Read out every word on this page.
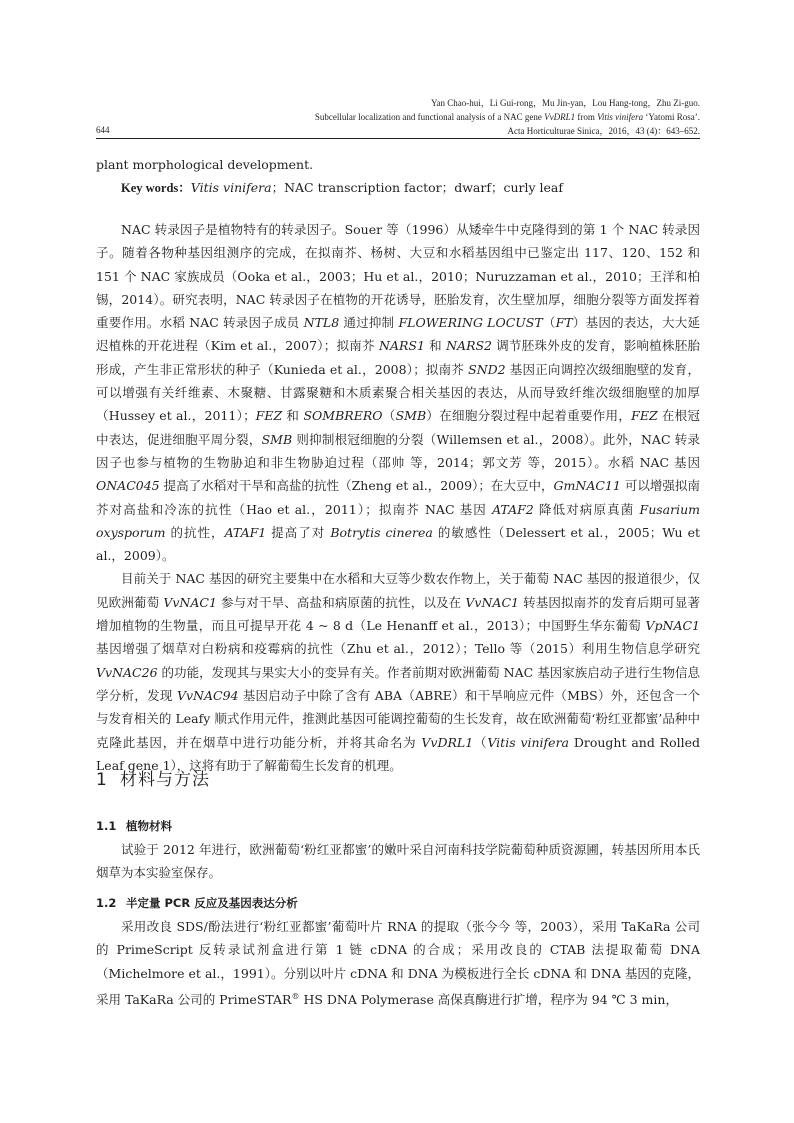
Yan Chao-hui，Li Gui-rong，Mu Jin-yan，Lou Hang-tong，Zhu Zi-guo.
Subcellular localization and functional analysis of a NAC gene VvDRL1 from Vitis vinifera ‘Yatomi Rosa’.
Acta Horticulturae Sinica，2016，43 (4)：643–652.
644

plant morphological development.

Key words：Vitis vinifera；NAC transcription factor；dwarf；curly leaf

NAC 转录因子是植物特有的转录因子。Souer 等（1996）从矮牵牛中克隆得到的第 1 个 NAC 转录因子。随着各物种基因组测序的完成，在拟南芥、杨树、大豆和水稻基因组中已鉴定出 117、120、152 和 151 个 NAC 家族成员（Ooka et al.，2003；Hu et al.，2010；Nuruzzaman et al.，2010；王洋和柏锡，2014）。研究表明，NAC 转录因子在植物的开花诱导，胚胎发育，次生壁加厚，细胞分裂等方面发挥着重要作用。水稻 NAC 转录因子成员 NTL8 通过抑制 FLOWERING LOCUST（FT）基因的表达，大大延迟植株的开花进程（Kim et al.，2007）；拟南芥 NARS1 和 NARS2 调节胚珠外皮的发育，影响植株胚胎形成，产生非正常形状的种子（Kunieda et al.，2008）；拟南芥 SND2 基因正向调控次级细胞壁的发育，可以增强有关纤维素、木聚糖、甘露聚糖和木质素聚合相关基因的表达，从而导致纤维次级细胞壁的加厚（Hussey et al.，2011）；FEZ 和 SOMBRERO（SMB）在细胞分裂过程中起着重要作用，FEZ 在根冠中表达，促进细胞平周分裂，SMB 则抑制根冠细胞的分裂（Willemsen et al.，2008）。此外，NAC 转录因子也参与植物的生物胁迫和非生物胁迫过程（邵帅 等，2014；郭文芳 等，2015）。水稻 NAC 基因 ONAC045 提高了水稻对干旱和高盐的抗性（Zheng et al.，2009）；在大豆中，GmNAC11 可以增强拟南芥对高盐和冷冻的抗性（Hao et al.，2011）；拟南芥 NAC 基因 ATAF2 降低对病原真菌 Fusarium oxysporum 的抗性，ATAF1 提高了对 Botrytis cinerea 的敏感性（Delessert et al.，2005；Wu et al.，2009）。

目前关于 NAC 基因的研究主要集中在水稻和大豆等少数农作物上，关于葡萄 NAC 基因的报道很少，仅见欧洲葡萄 VvNAC1 参与对干旱、高盐和病原菌的抗性，以及在 VvNAC1 转基因拟南芥的发育后期可显著增加植物的生物量，而且可提早开花 4 ~ 8 d（Le Henanff et al.，2013）；中国野生华东葡萄 VpNAC1 基因增强了烟草对白粉病和疫霉病的抗性（Zhu et al.，2012）；Tello 等（2015）利用生物信息学研究 VvNAC26 的功能，发现其与果实大小的变异有关。作者前期对欧洲葡萄 NAC 基因家族启动子进行生物信息学分析，发现 VvNAC94 基因启动子中除了含有 ABA（ABRE）和干旱响应元件（MBS）外，还包含一个与发育相关的 Leafy 顺式作用元件，推测此基因可能调控葡萄的生长发育，故在欧洲葡萄‘粉红亚都蜜’品种中克隆此基因，并在烟草中进行功能分析，并将其命名为 VvDRL1（Vitis vinifera Drought and Rolled Leaf gene 1），这将有助于了解葡萄生长发育的机理。

1 材料与方法
1.1 植物材料

试验于 2012 年进行，欧洲葡萄‘粉红亚都蜜’的嫩叶采自河南科技学院葡萄种质资源圃，转基因所用本氏烟草为本实验室保存。

1.2 半定量 PCR 反应及基因表达分析

采用改良 SDS/酚法进行‘粉红亚都蜜’葡萄叶片 RNA 的提取（张今今 等，2003），采用 TaKaRa 公司的 PrimeScript 反转录试剂盒进行第 1 链 cDNA 的合成；采用改良的 CTAB 法提取葡萄 DNA（Michelmore et al.，1991）。分别以叶片 cDNA 和 DNA 为模板进行全长 cDNA 和 DNA 基因的克隆，采用 TaKaRa 公司的 PrimeSTAR® HS DNA Polymerase 高保真酶进行扩增，程序为 94 ℃ 3 min，
